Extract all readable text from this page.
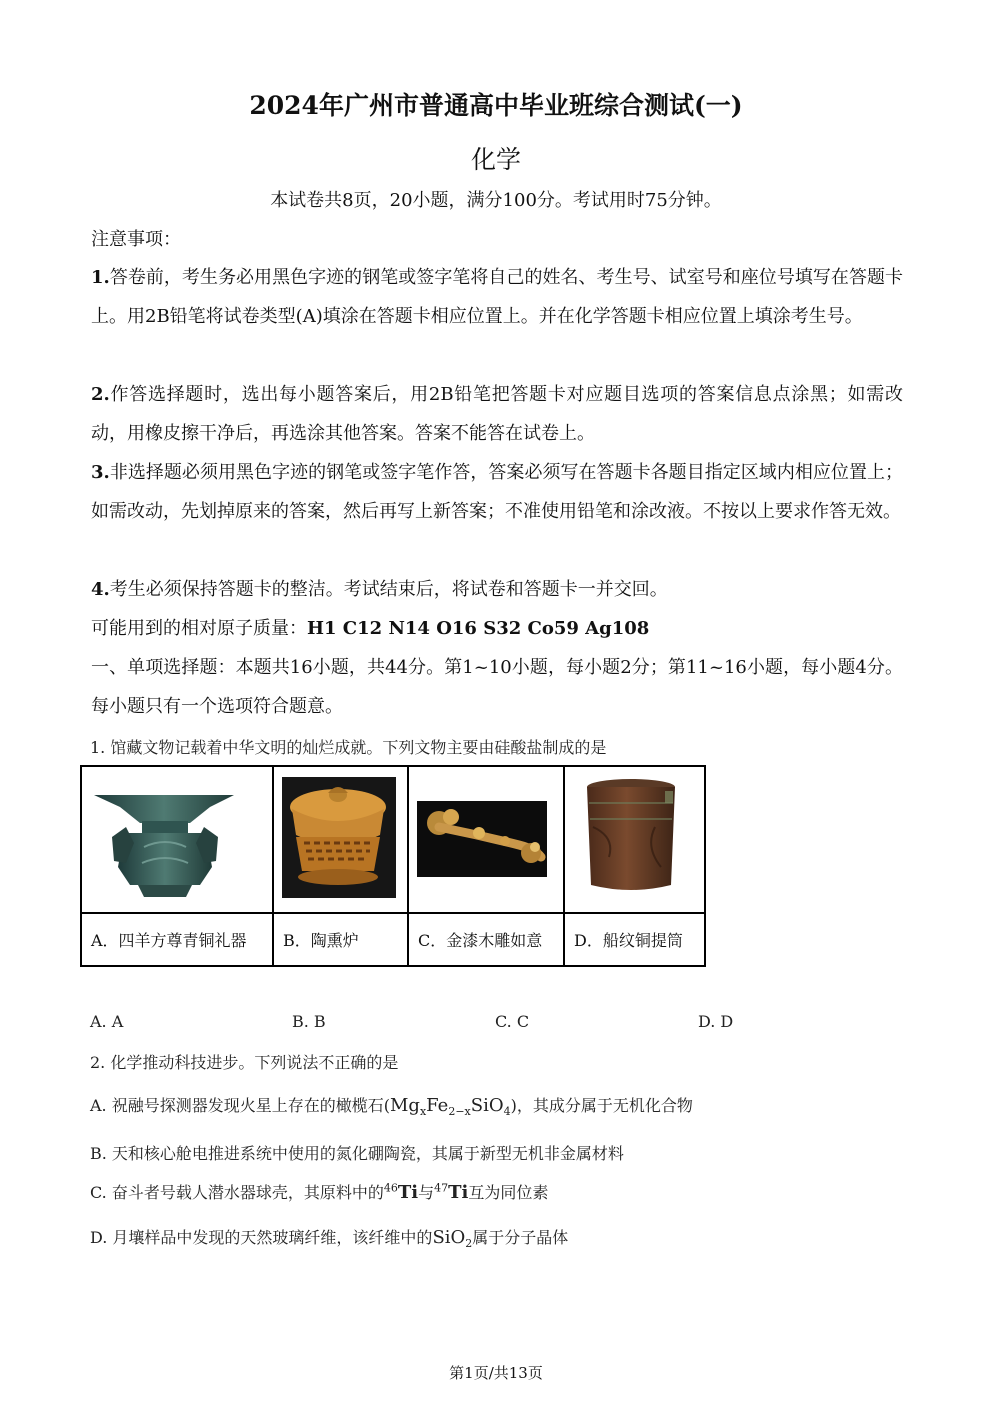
2024年广州市普通高中毕业班综合测试(一)
化学
本试卷共8页，20小题，满分100分。考试用时75分钟。
注意事项：
1.答卷前，考生务必用黑色字迹的钢笔或签字笔将自己的姓名、考生号、试室号和座位号填写在答题卡上。用2B铅笔将试卷类型(A)填涂在答题卡相应位置上。并在化学答题卡相应位置上填涂考生号。
2.作答选择题时，选出每小题答案后，用2B铅笔把答题卡对应题目选项的答案信息点涂黑；如需改动，用橡皮擦干净后，再选涂其他答案。答案不能答在试卷上。
3.非选择题必须用黑色字迹的钢笔或签字笔作答，答案必须写在答题卡各题目指定区域内相应位置上；如需改动，先划掉原来的答案，然后再写上新答案；不准使用铅笔和涂改液。不按以上要求作答无效。
4.考生必须保持答题卡的整洁。考试结束后，将试卷和答题卡一并交回。
可能用到的相对原子质量：H1 C12 N14 O16 S32 Co59 Ag108
一、单项选择题：本题共16小题，共44分。第1~10小题，每小题2分；第11~16小题，每小题4分。每小题只有一个选项符合题意。
1. 馆藏文物记载着中华文明的灿烂成就。下列文物主要由硅酸盐制成的是

A．四羊方尊青铜礼器	B．陶熏炉	C．金漆木雕如意	D．船纹铜提筒
A. A	B. B	C. C	D. D
2. 化学推动科技进步。下列说法不正确的是
A. 祝融号探测器发现火星上存在的橄榄石$(Mg_xFe_{2-x}SiO_4)$，其成分属于无机化合物
B. 天和核心舱电推进系统中使用的氮化硼陶瓷，其属于新型无机非金属材料
C. 奋斗者号载人潜水器球壳，其原料中的$^{46}$Ti与$^{47}$Ti互为同位素
D. 月壤样品中发现的天然玻璃纤维，该纤维中的SiO$_2$属于分子晶体
第1页/共13页
